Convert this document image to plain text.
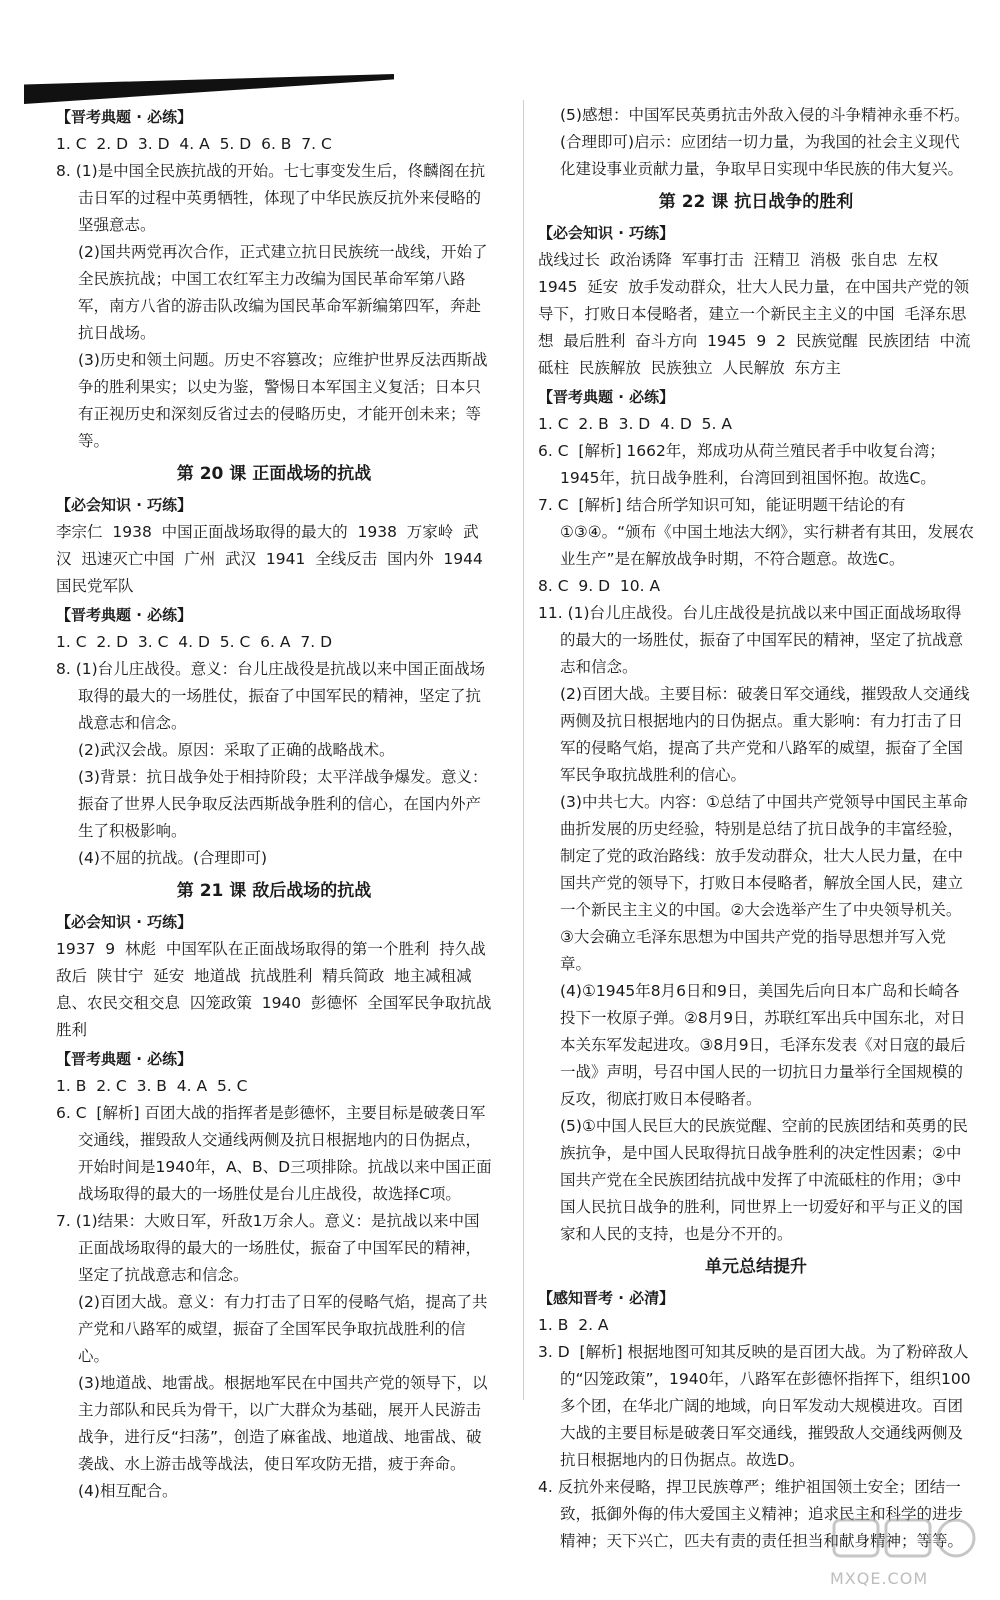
【晋考典题 · 必练】
1. C  2. D  3. D  4. A  5. D  6. B  7. C
8. (1)是中国全民族抗战的开始。七七事变发生后，佟麟阁在抗击日军的过程中英勇牺牲，体现了中华民族反抗外来侵略的坚强意志。
(2)国共两党再次合作，正式建立抗日民族统一战线，开始了全民族抗战；中国工农红军主力改编为国民革命军第八路军，南方八省的游击队改编为国民革命军新编第四军，奔赴抗日战场。
(3)历史和领土问题。历史不容篡改；应维护世界反法西斯战争的胜利果实；以史为鉴，警惕日本军国主义复活；日本只有正视历史和深刻反省过去的侵略历史，才能开创未来；等等。
第 20 课 正面战场的抗战
【必会知识 · 巧练】
李宗仁  1938  中国正面战场取得的最大的  1938  万家岭  武汉  迅速灭亡中国  广州  武汉  1941  全线反击  国内外  1944  国民党军队
【晋考典题 · 必练】
1. C  2. D  3. C  4. D  5. C  6. A  7. D
8. (1)台儿庄战役。意义：台儿庄战役是抗战以来中国正面战场取得的最大的一场胜仗，振奋了中国军民的精神，坚定了抗战意志和信念。
(2)武汉会战。原因：采取了正确的战略战术。
(3)背景：抗日战争处于相持阶段；太平洋战争爆发。意义：振奋了世界人民争取反法西斯战争胜利的信心，在国内外产生了积极影响。
(4)不屈的抗战。(合理即可)
第 21 课 敌后战场的抗战
【必会知识 · 巧练】
1937  9  林彪  中国军队在正面战场取得的第一个胜利  持久战  敌后  陕甘宁  延安  地道战  抗战胜利  精兵简政  地主减租减息、农民交租交息  囚笼政策  1940  彭德怀  全国军民争取抗战胜利
【晋考典题 · 必练】
1. B  2. C  3. B  4. A  5. C
6. C  [解析] 百团大战的指挥者是彭德怀，主要目标是破袭日军交通线，摧毁敌人交通线两侧及抗日根据地内的日伪据点，开始时间是1940年，A、B、D三项排除。抗战以来中国正面战场取得的最大的一场胜仗是台儿庄战役，故选择C项。
7. (1)结果：大败日军，歼敌1万余人。意义：是抗战以来中国正面战场取得的最大的一场胜仗，振奋了中国军民的精神，坚定了抗战意志和信念。
(2)百团大战。意义：有力打击了日军的侵略气焰，提高了共产党和八路军的威望，振奋了全国军民争取抗战胜利的信心。
(3)地道战、地雷战。根据地军民在中国共产党的领导下，以主力部队和民兵为骨干，以广大群众为基础，展开人民游击战争，进行反“扫荡”，创造了麻雀战、地道战、地雷战、破袭战、水上游击战等战法，使日军攻防无措，疲于奔命。
(4)相互配合。
(5)感想：中国军民英勇抗击外敌入侵的斗争精神永垂不朽。(合理即可)启示：应团结一切力量，为我国的社会主义现代化建设事业贡献力量，争取早日实现中华民族的伟大复兴。
第 22 课 抗日战争的胜利
【必会知识 · 巧练】
战线过长  政治诱降  军事打击  汪精卫  消极  张自忠  左权  1945  延安  放手发动群众，壮大人民力量，在中国共产党的领导下，打败日本侵略者，建立一个新民主主义的中国  毛泽东思想  最后胜利  奋斗方向  1945  9  2  民族觉醒  民族团结  中流砥柱  民族解放  民族独立  人民解放  东方主
【晋考典题 · 必练】
1. C  2. B  3. D  4. D  5. A
6. C  [解析] 1662年，郑成功从荷兰殖民者手中收复台湾；1945年，抗日战争胜利，台湾回到祖国怀抱。故选C。
7. C  [解析] 结合所学知识可知，能证明题干结论的有①③④。“颁布《中国土地法大纲》，实行耕者有其田，发展农业生产”是在解放战争时期，不符合题意。故选C。
8. C  9. D  10. A
11. (1)台儿庄战役。台儿庄战役是抗战以来中国正面战场取得的最大的一场胜仗，振奋了中国军民的精神，坚定了抗战意志和信念。
(2)百团大战。主要目标：破袭日军交通线，摧毁敌人交通线两侧及抗日根据地内的日伪据点。重大影响：有力打击了日军的侵略气焰，提高了共产党和八路军的威望，振奋了全国军民争取抗战胜利的信心。
(3)中共七大。内容：①总结了中国共产党领导中国民主革命曲折发展的历史经验，特别是总结了抗日战争的丰富经验，制定了党的政治路线：放手发动群众，壮大人民力量，在中国共产党的领导下，打败日本侵略者，解放全国人民，建立一个新民主主义的中国。②大会选举产生了中央领导机关。③大会确立毛泽东思想为中国共产党的指导思想并写入党章。
(4)①1945年8月6日和9日，美国先后向日本广岛和长崎各投下一枚原子弹。②8月9日，苏联红军出兵中国东北，对日本关东军发起进攻。③8月9日，毛泽东发表《对日寇的最后一战》声明，号召中国人民的一切抗日力量举行全国规模的反攻，彻底打败日本侵略者。
(5)①中国人民巨大的民族觉醒、空前的民族团结和英勇的民族抗争，是中国人民取得抗日战争胜利的决定性因素；②中国共产党在全民族团结抗战中发挥了中流砥柱的作用；③中国人民抗日战争的胜利，同世界上一切爱好和平与正义的国家和人民的支持，也是分不开的。
单元总结提升
【感知晋考 · 必清】
1. B  2. A
3. D  [解析] 根据地图可知其反映的是百团大战。为了粉碎敌人的“囚笼政策”，1940年，八路军在彭德怀指挥下，组织100多个团，在华北广阔的地域，向日军发动大规模进攻。百团大战的主要目标是破袭日军交通线，摧毁敌人交通线两侧及抗日根据地内的日伪据点。故选D。
4. 反抗外来侵略，捍卫民族尊严；维护祖国领土安全；团结一致，抵御外侮的伟大爱国主义精神；追求民主和科学的进步精神；天下兴亡，匹夫有责的责任担当和献身精神；等等。
MXQE.COM
